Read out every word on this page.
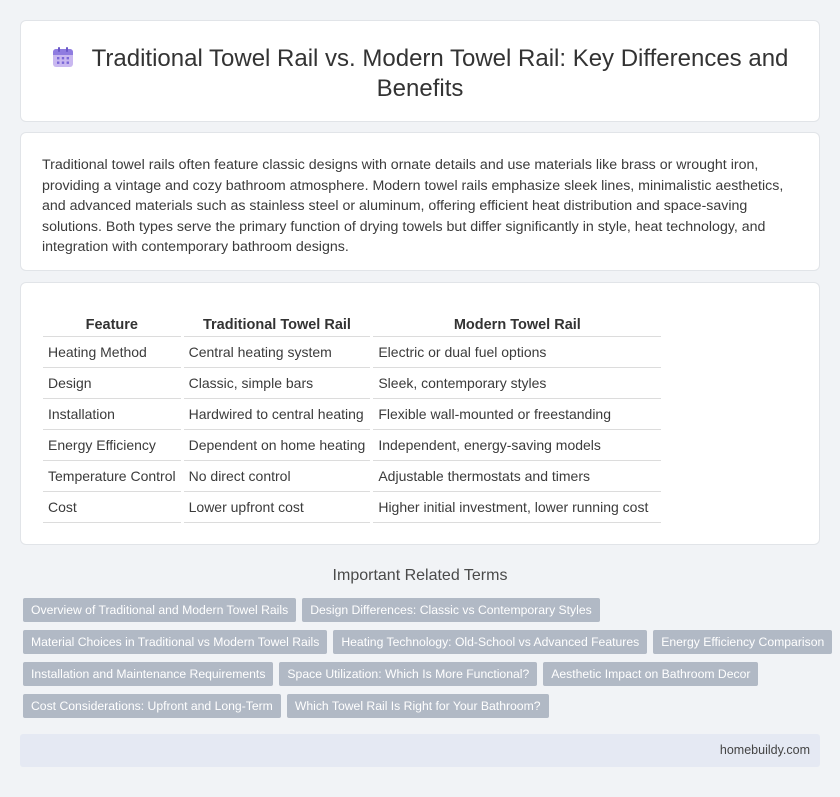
Traditional Towel Rail vs. Modern Towel Rail: Key Differences and Benefits

Traditional towel rails often feature classic designs with ornate details and use materials like brass or wrought iron, providing a vintage and cozy bathroom atmosphere. Modern towel rails emphasize sleek lines, minimalistic aesthetics, and advanced materials such as stainless steel or aluminum, offering efficient heat distribution and space-saving solutions. Both types serve the primary function of drying towels but differ significantly in style, heat technology, and integration with contemporary bathroom designs.

Feature		Traditional Towel Rail		Modern Towel Rail
Heating Method		Central heating system		Electric or dual fuel options
Design		Classic, simple bars		Sleek, contemporary styles
Installation		Hardwired to central heating		Flexible wall-mounted or freestanding
Energy Efficiency		Dependent on home heating		Independent, energy-saving models
Temperature Control		No direct control		Adjustable thermostats and timers
Cost		Lower upfront cost		Higher initial investment, lower running cost
Important Related Terms
Overview of Traditional and Modern Towel Rails Design Differences: Classic vs Contemporary Styles
Material Choices in Traditional vs Modern Towel Rails Heating Technology: Old-School vs Advanced Features Energy Efficiency Comparison
Installation and Maintenance Requirements Space Utilization: Which Is More Functional? Aesthetic Impact on Bathroom Decor
Cost Considerations: Upfront and Long-Term Which Towel Rail Is Right for Your Bathroom?
homebuildy.com
